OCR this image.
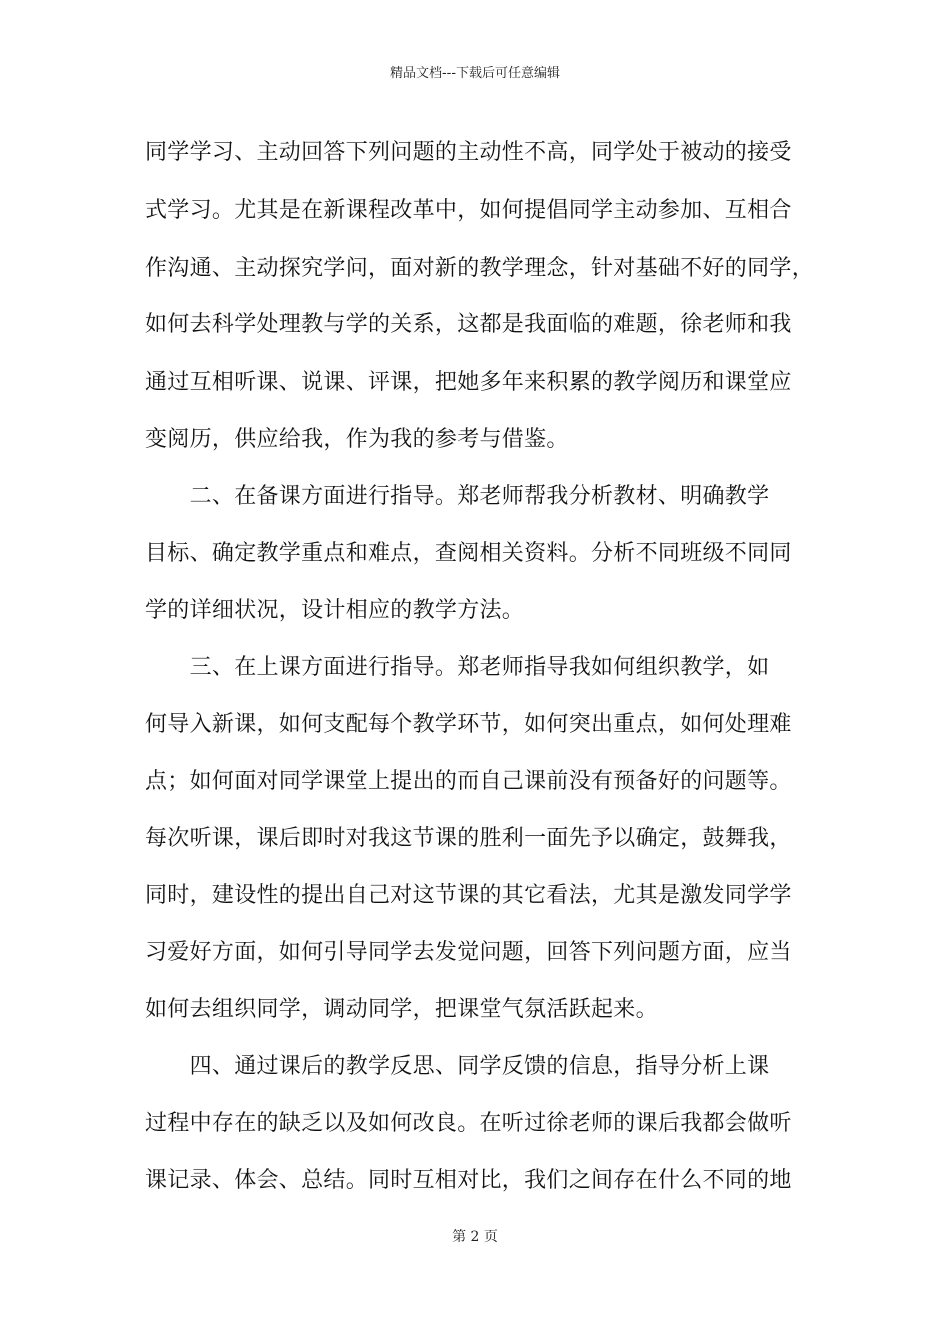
精品文档---下载后可任意编辑
同学学习、主动回答下列问题的主动性不高，同学处于被动的接受
式学习。尤其是在新课程改革中，如何提倡同学主动参加、互相合
作沟通、主动探究学问，面对新的教学理念，针对基础不好的同学，
如何去科学处理教与学的关系，这都是我面临的难题，徐老师和我
通过互相听课、说课、评课，把她多年来积累的教学阅历和课堂应
变阅历，供应给我，作为我的参考与借鉴。
　　二、在备课方面进行指导。郑老师帮我分析教材、明确教学
目标、确定教学重点和难点，查阅相关资料。分析不同班级不同同
学的详细状况，设计相应的教学方法。
　　三、在上课方面进行指导。郑老师指导我如何组织教学，如
何导入新课，如何支配每个教学环节，如何突出重点，如何处理难
点；如何面对同学课堂上提出的而自己课前没有预备好的问题等。
每次听课，课后即时对我这节课的胜利一面先予以确定，鼓舞我，
同时，建设性的提出自己对这节课的其它看法，尤其是激发同学学
习爱好方面，如何引导同学去发觉问题，回答下列问题方面，应当
如何去组织同学，调动同学，把课堂气氛活跃起来。
　　四、通过课后的教学反思、同学反馈的信息，指导分析上课
过程中存在的缺乏以及如何改良。在听过徐老师的课后我都会做听
课记录、体会、总结。同时互相对比，我们之间存在什么不同的地
第 2 页
